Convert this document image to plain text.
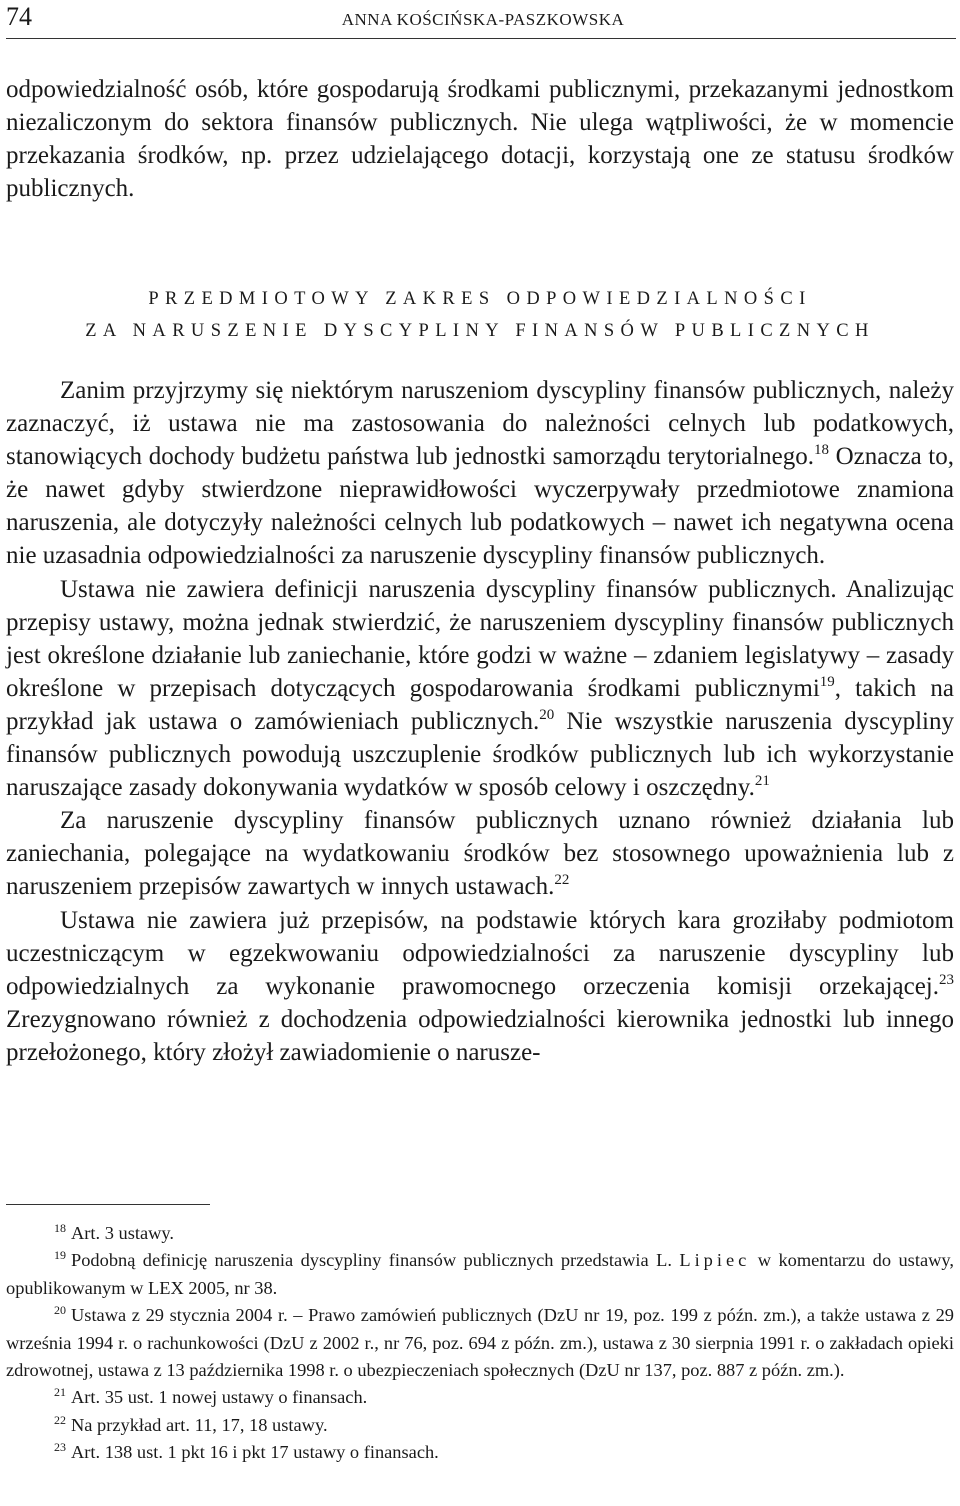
74	ANNA KOŚCIŃSKA-PASZKOWSKA

odpowiedzialność osób, które gospodarują środkami publicznymi, przekazanymi jednostkom niezaliczonym do sektora finansów publicznych. Nie ulega wątpliwości, że w momencie przekazania środków, np. przez udzielającego dotacji, korzystają one ze statusu środków publicznych.

PRZEDMIOTOWY ZAKRES ODPOWIEDZIALNOŚCI
ZA NARUSZENIE DYSCYPLINY FINANSÓW PUBLICZNYCH

Zanim przyjrzymy się niektórym naruszeniom dyscypliny finansów publicznych, należy zaznaczyć, iż ustawa nie ma zastosowania do należności celnych lub podatkowych, stanowiących dochody budżetu państwa lub jednostki samorządu terytorialnego.$^{18}$ Oznacza to, że nawet gdyby stwierdzone nieprawidłowości wyczerpywały przedmiotowe znamiona naruszenia, ale dotyczyły należności celnych lub podatkowych – nawet ich negatywna ocena nie uzasadnia odpowiedzialności za naruszenie dyscypliny finansów publicznych.

Ustawa nie zawiera definicji naruszenia dyscypliny finansów publicznych. Analizując przepisy ustawy, można jednak stwierdzić, że naruszeniem dyscypliny finansów publicznych jest określone działanie lub zaniechanie, które godzi w ważne – zdaniem legislatywy – zasady określone w przepisach dotyczących gospodarowania środkami publicznymi$^{19}$, takich na przykład jak ustawa o zamówieniach publicznych.$^{20}$ Nie wszystkie naruszenia dyscypliny finansów publicznych powodują uszczuplenie środków publicznych lub ich wykorzystanie naruszające zasady dokonywania wydatków w sposób celowy i oszczędny.$^{21}$

Za naruszenie dyscypliny finansów publicznych uznano również działania lub zaniechania, polegające na wydatkowaniu środków bez stosownego upoważnienia lub z naruszeniem przepisów zawartych w innych ustawach.$^{22}$

Ustawa nie zawiera już przepisów, na podstawie których kara groziłaby podmiotom uczestniczącym w egzekwowaniu odpowiedzialności za naruszenie dyscypliny lub odpowiedzialnych za wykonanie prawomocnego orzeczenia komisji orzekającej.$^{23}$ Zrezygnowano również z dochodzenia odpowiedzialności kierownika jednostki lub innego przełożonego, który złożył zawiadomienie o narusze-

$^{18}$ Art. 3 ustawy.

$^{19}$ Podobną definicję naruszenia dyscypliny finansów publicznych przedstawia L. Lipiec w komentarzu do ustawy, opublikowanym w LEX 2005, nr 38.

$^{20}$ Ustawa z 29 stycznia 2004 r. – Prawo zamówień publicznych (DzU nr 19, poz. 199 z późn. zm.), a także ustawa z 29 września 1994 r. o rachunkowości (DzU z 2002 r., nr 76, poz. 694 z późn. zm.), ustawa z 30 sierpnia 1991 r. o zakładach opieki zdrowotnej, ustawa z 13 października 1998 r. o ubezpieczeniach społecznych (DzU nr 137, poz. 887 z późn. zm.).

$^{21}$ Art. 35 ust. 1 nowej ustawy o finansach.

$^{22}$ Na przykład art. 11, 17, 18 ustawy.

$^{23}$ Art. 138 ust. 1 pkt 16 i pkt 17 ustawy o finansach.
